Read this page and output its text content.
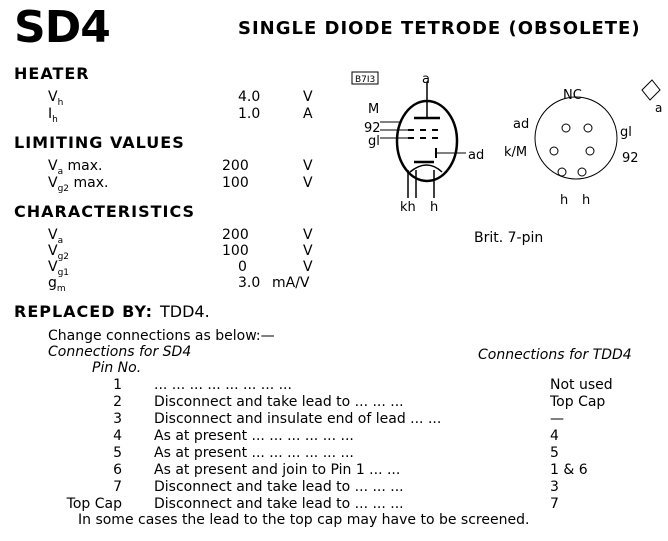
SD4	SINGLE DIODE TETRODE (OBSOLETE)
HEATER
$V_h$	4.0	V
$I_h$	1.0	A
LIMITING VALUES
$V_a$ max.	200	V
$V_{g2}$ max.	100	V
CHARACTERISTICS
$V_a$	200	V
$V_{g2}$	100	V
$V_{g1}$	0	V
$g_m$	3.0 mA/V
B7I3	a
M
92
gl
ad
kh h
NC
ad
k/M
gl
92
h h
a
Brit. 7-pin
REPLACED BY: TDD4.
Change connections as below:—
Connections for SD4	Connections for TDD4
Pin No.
1 ... ... ... ... ... ... ... ...	Not used
2 Disconnect and take lead to ... ... ...	Top Cap
3 Disconnect and insulate end of lead ... ...	—
4 As at present ... ... ... ... ... ...	4
5 As at present ... ... ... ... ... ...	5
6 As at present and join to Pin 1 ... ...	1 & 6
7 Disconnect and take lead to ... ... ...	3
Top Cap Disconnect and take lead to ... ... ...	7
In some cases the lead to the top cap may have to be screened.
